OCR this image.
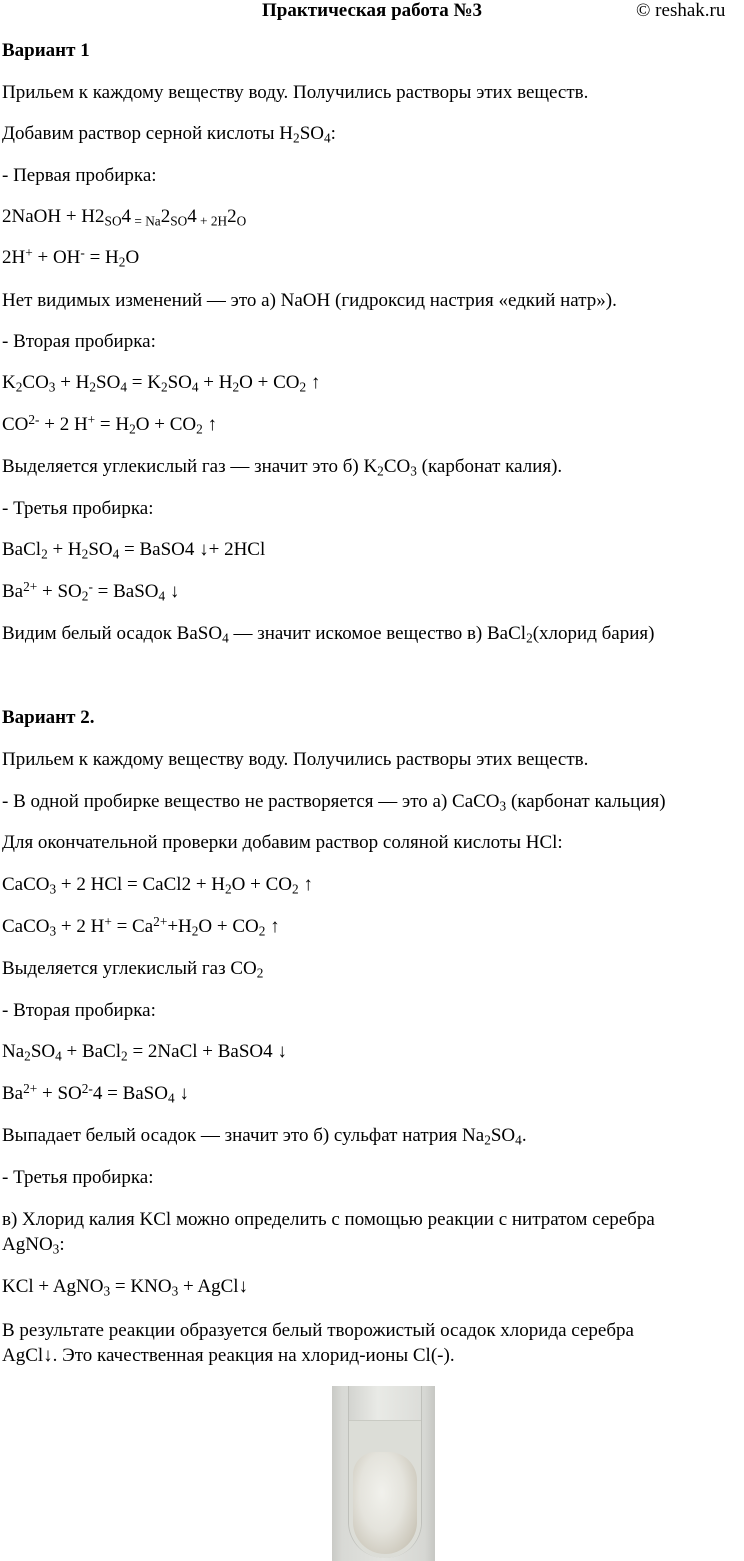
Практическая работа №3	© reshak.ru
Вариант 1
Прильем к каждому веществу воду. Получились растворы этих веществ.
Добавим раствор серной кислоты $H_2SO_4$:
- Первая пробирка:
2NaOH + $H2_{SO}4$ $_{= Na}2_{SO}4$ $_{+ 2H}2_O$
$2H^+ + OH^- = H_2O$
Нет видимых изменений — это а) NaOH (гидроксид настрия «едкий натр»).
- Вторая пробирка:
$K_2CO_3 + H_2SO_4 = K_2SO_4 + H_2O + CO_2$ ↑
$CO^{2-} + 2$ $H^+ = H_2O + CO_2$ ↑
Выделяется углекислый газ — значит это б) $K_2CO_3$ (карбонат калия).
- Третья пробирка:
BaCl$_2$ + $H_2SO_4$ = BaSO4 ↓+ 2HCl
$Ba^{2+} + SO_2^-$ = BaSO$_4$ ↓
Видим белый осадок BaSO$_4$ — значит искомое вещество в) BaCl$_2$(хлорид бария)
Вариант 2.
Прильем к каждому веществу воду. Получились растворы этих веществ.
- В одной пробирке вещество не растворяется — это а) CaCO$_3$ (карбонат кальция)
Для окончательной проверки добавим раствор соляной кислоты HCl:
CaCO$_3$ + 2 HCl = CaCl2 + $H_2O + CO_2$ ↑
CaCO$_3$ + 2 $H^+ = Ca^{2+}+H_2O + CO_2$ ↑
Выделяется углекислый газ $CO_2$
- Вторая пробирка:
$Na_2SO_4$ + BaCl$_2$ = 2NaCl + BaSO4 ↓
$Ba^{2+} + SO^{2-}4$ = BaSO$_4$ ↓
Выпадает белый осадок — значит это б) сульфат натрия $Na_2SO_4$.
- Третья пробирка:
в) Хлорид калия KCl можно определить с помощью реакции с нитратом серебра
AgNO$_3$:
KCl + AgNO$_3$ = $KNO_3$ + AgCl↓
В результате реакции образуется белый творожистый осадок хлорида серебра
AgCl↓. Это качественная реакция на хлорид-ионы Cl(-).
